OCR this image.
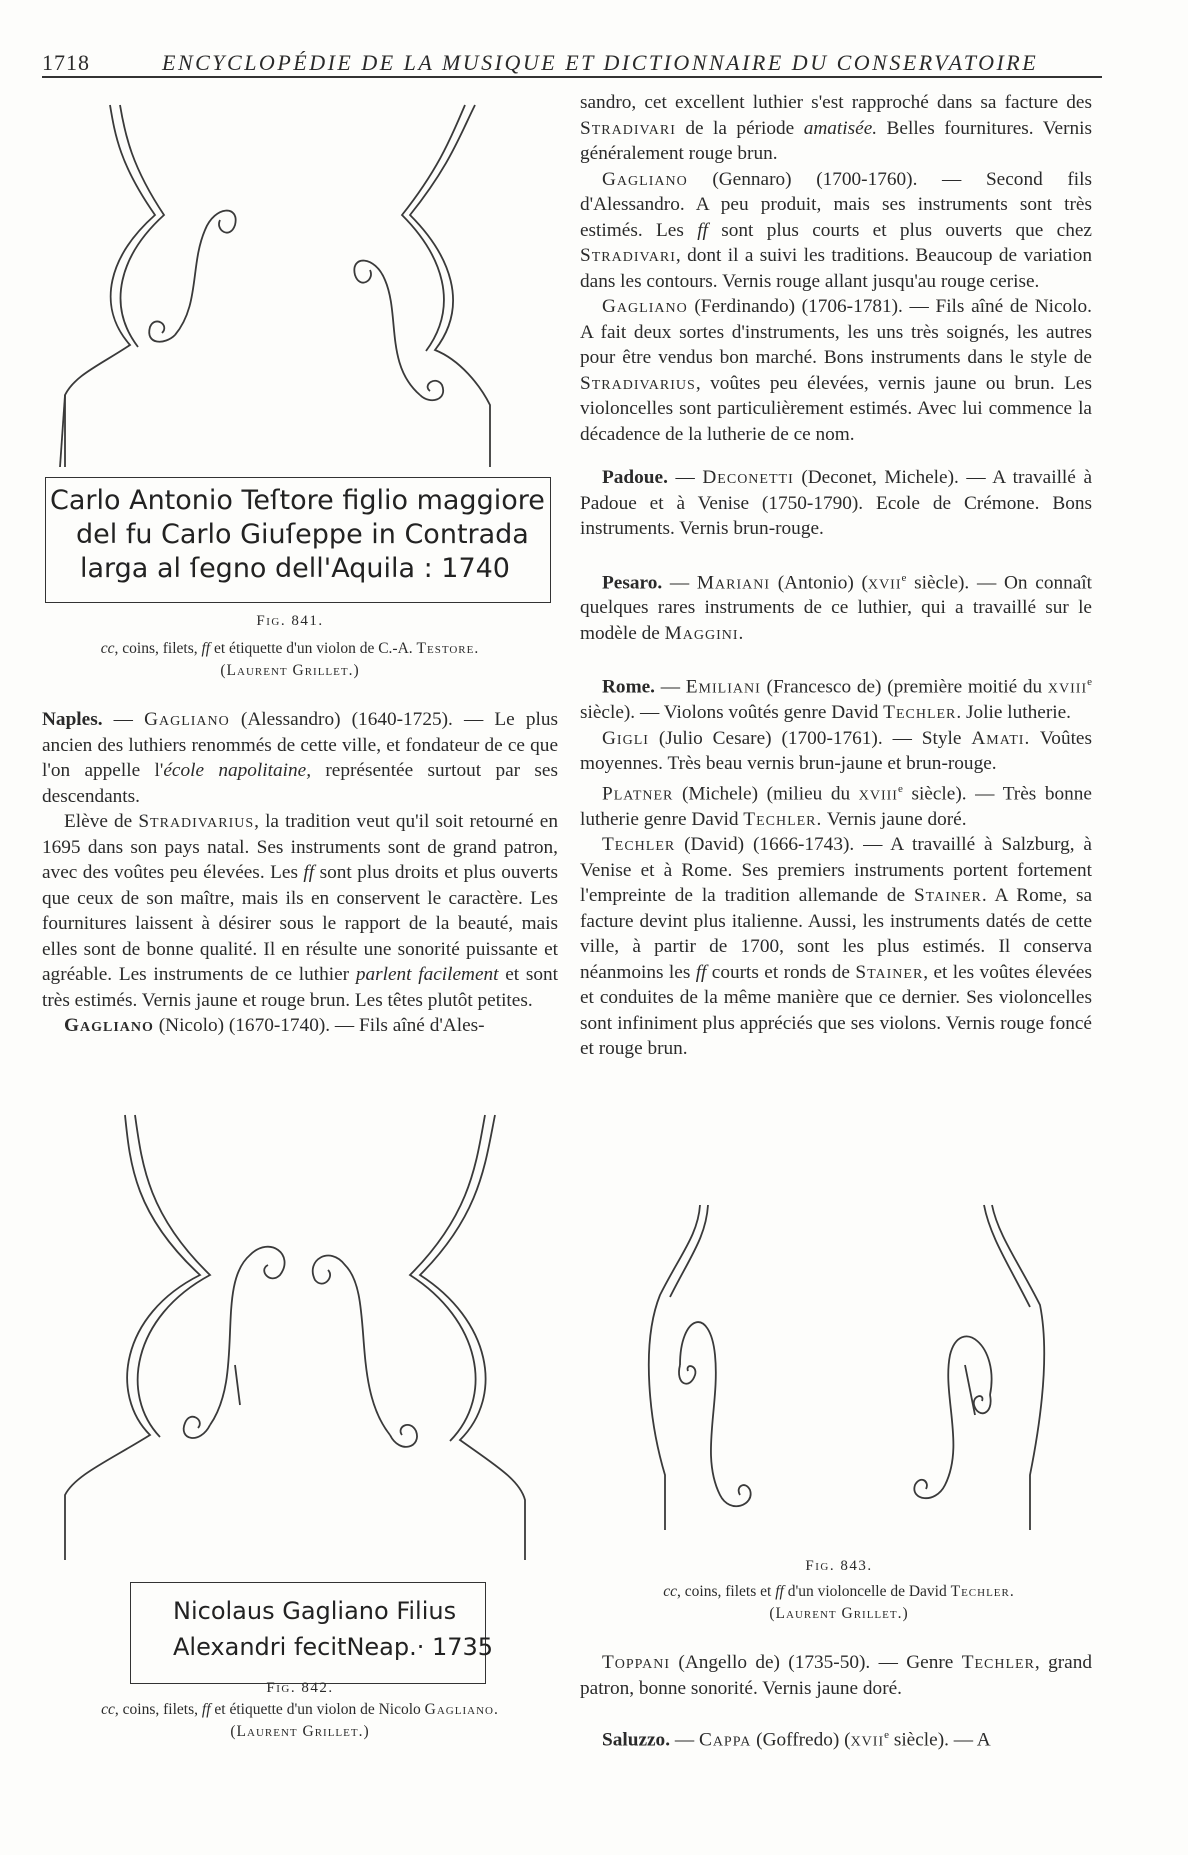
1718	ENCYCLOPÉDIE DE LA MUSIQUE ET DICTIONNAIRE DU CONSERVATOIRE
Carlo Antonio Teſtore figlio maggiore
del fu Carlo Giuſeppe in Contrada
larga al ſegno dell'Aquila : 1740
Fig. 841.
cc, coins, filets, ff et étiquette d'un violon de C.-A. Testore.
(Laurent Grillet.)

Naples. — Gagliano (Alessandro) (1640-1725). — Le plus ancien des luthiers renommés de cette ville, et fondateur de ce que l'on appelle l'école napolitaine, représentée surtout par ses descendants.

Elève de Stradivarius, la tradition veut qu'il soit retourné en 1695 dans son pays natal. Ses instruments sont de grand patron, avec des voûtes peu élevées. Les ff sont plus droits et plus ouverts que ceux de son maître, mais ils en conservent le caractère. Les fournitures laissent à désirer sous le rapport de la beauté, mais elles sont de bonne qualité. Il en résulte une sonorité puissante et agréable. Les instruments de ce luthier parlent facilement et sont très estimés. Vernis jaune et rouge brun. Les têtes plutôt petites.

Gagliano (Nicolo) (1670-1740). — Fils aîné d'Ales-

Nicolaus Gagliano Filius
Alexandri fecitNeap.· 1735
Fig. 842.
cc, coins, filets, ff et étiquette d'un violon de Nicolo Gagliano.
(Laurent Grillet.)

sandro, cet excellent luthier s'est rapproché dans sa facture des Stradivari de la période amatisée. Belles fournitures. Vernis généralement rouge brun.

Gagliano (Gennaro) (1700-1760). — Second fils d'Alessandro. A peu produit, mais ses instruments sont très estimés. Les ff sont plus courts et plus ouverts que chez Stradivari, dont il a suivi les traditions. Beaucoup de variation dans les contours. Vernis rouge allant jusqu'au rouge cerise.

Gagliano (Ferdinando) (1706-1781). — Fils aîné de Nicolo. A fait deux sortes d'instruments, les uns très soignés, les autres pour être vendus bon marché. Bons instruments dans le style de Stradivarius, voûtes peu élevées, vernis jaune ou brun. Les violoncelles sont particulièrement estimés. Avec lui commence la décadence de la lutherie de ce nom.

Padoue. — Deconetti (Deconet, Michele). — A travaillé à Padoue et à Venise (1750-1790). Ecole de Crémone. Bons instruments. Vernis brun-rouge.

Pesaro. — Mariani (Antonio) (xvii$^e$ siècle). — On connaît quelques rares instruments de ce luthier, qui a travaillé sur le modèle de Maggini.

Rome. — Emiliani (Francesco de) (première moitié du xviii$^e$ siècle). — Violons voûtés genre David Techler. Jolie lutherie.

Gigli (Julio Cesare) (1700-1761). — Style Amati. Voûtes moyennes. Très beau vernis brun-jaune et brun-rouge.

Platner (Michele) (milieu du xviii$^e$ siècle). — Très bonne lutherie genre David Techler. Vernis jaune doré.

Techler (David) (1666-1743). — A travaillé à Salzburg, à Venise et à Rome. Ses premiers instruments portent fortement l'empreinte de la tradition allemande de Stainer. A Rome, sa facture devint plus italienne. Aussi, les instruments datés de cette ville, à partir de 1700, sont les plus estimés. Il conserva néanmoins les ff courts et ronds de Stainer, et les voûtes élevées et conduites de la même manière que ce dernier. Ses violoncelles sont infiniment plus appréciés que ses violons. Vernis rouge foncé et rouge brun.

Fig. 843.
cc, coins, filets et ff d'un violoncelle de David Techler.
(Laurent Grillet.)

Toppani (Angello de) (1735-50). — Genre Techler, grand patron, bonne sonorité. Vernis jaune doré.

Saluzzo. — Cappa (Goffredo) (xvii$^e$ siècle). — A
